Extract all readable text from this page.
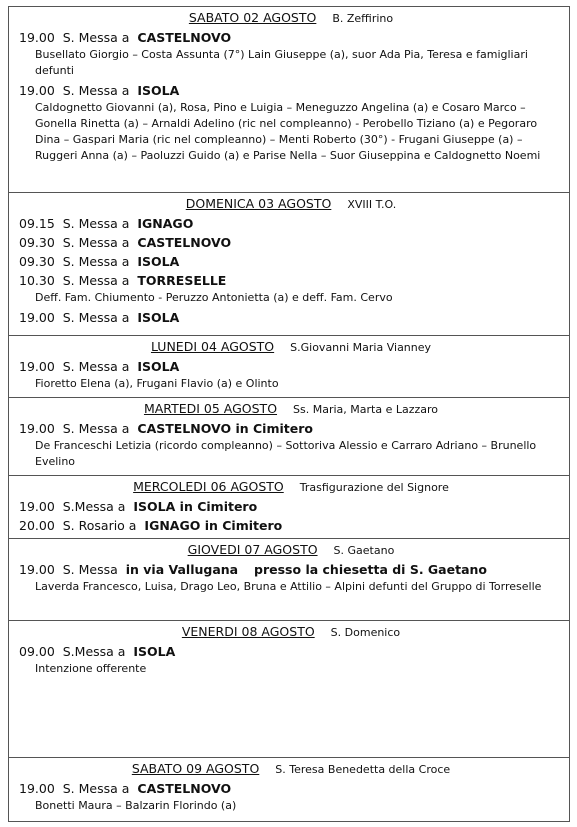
SABATO 02 AGOSTO B. Zeffirino
19.00 S. Messa a CASTELNOVO
Busellato Giorgio – Costa Assunta (7°) Lain Giuseppe (a), suor Ada Pia, Teresa e famigliari defunti
19.00 S. Messa a ISOLA
Caldognetto Giovanni (a), Rosa, Pino e Luigia – Meneguzzo Angelina (a) e Cosaro Marco – Gonella Rinetta (a) – Arnaldi Adelino (ric nel compleanno) - Perobello Tiziano (a) e Pegoraro Dina – Gaspari Maria (ric nel compleanno) – Menti Roberto (30°) - Frugani Giuseppe (a) – Ruggeri Anna (a) – Paoluzzi Guido (a) e Parise Nella – Suor Giuseppina e Caldognetto Noemi
DOMENICA 03 AGOSTO XVIII T.O.
09.15 S. Messa a IGNAGO
09.30 S. Messa a CASTELNOVO
09.30 S. Messa a ISOLA
10.30 S. Messa a TORRESELLE
Deff. Fam. Chiumento - Peruzzo Antonietta (a) e deff. Fam. Cervo
19.00 S. Messa a ISOLA
LUNEDI 04 AGOSTO S.Giovanni Maria Vianney
19.00 S. Messa a ISOLA
Fioretto Elena (a), Frugani Flavio (a) e Olinto
MARTEDI 05 AGOSTO Ss. Maria, Marta e Lazzaro
19.00 S. Messa a CASTELNOVO in Cimitero
De Franceschi Letizia (ricordo compleanno) – Sottoriva Alessio e Carraro Adriano – Brunello Evelino
MERCOLEDI 06 AGOSTO Trasfigurazione del Signore
19.00 S.Messa a ISOLA in Cimitero
20.00 S. Rosario a IGNAGO in Cimitero
GIOVEDI 07 AGOSTO S. Gaetano
19.00 S. Messa in via Vallugana presso la chiesetta di S. Gaetano
Laverda Francesco, Luisa, Drago Leo, Bruna e Attilio – Alpini defunti del Gruppo di Torreselle
VENERDI 08 AGOSTO S. Domenico
09.00 S.Messa a ISOLA
Intenzione offerente
SABATO 09 AGOSTO S. Teresa Benedetta della Croce
19.00 S. Messa a CASTELNOVO
Bonetti Maura – Balzarin Florindo (a)
